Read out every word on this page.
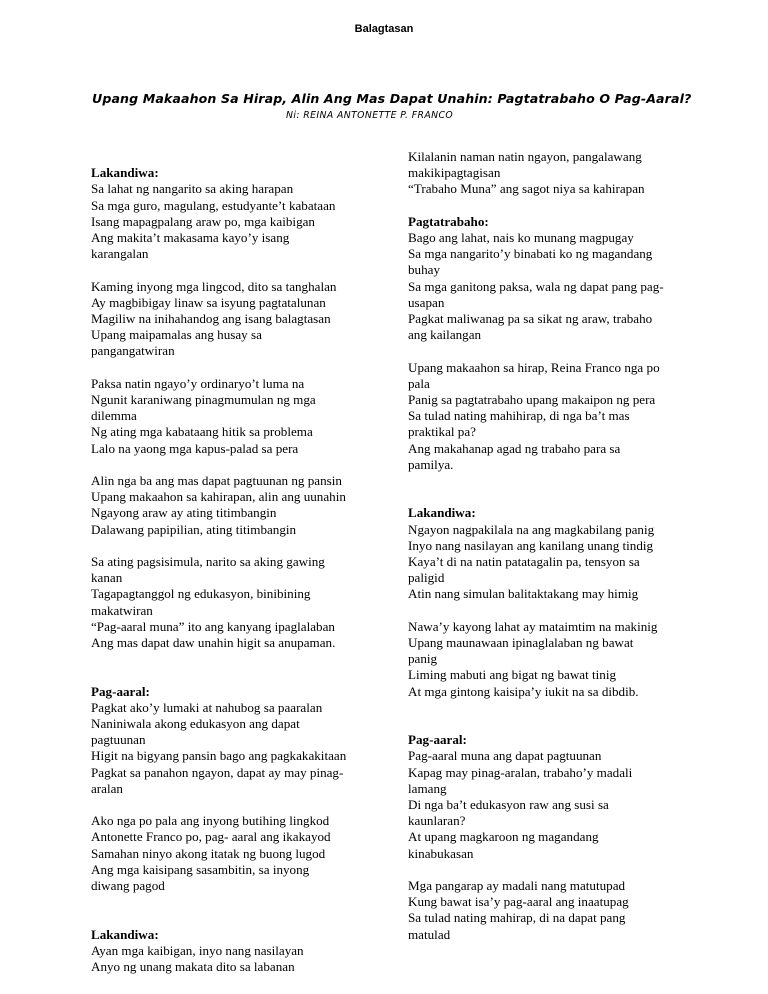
Balagtasan
Upang Makaahon Sa Hirap, Alin Ang Mas Dapat Unahin: Pagtatrabaho O Pag-Aaral?
Ni: REINA ANTONETTE P. FRANCO
Lakandiwa:
Sa lahat ng nangarito sa aking harapan
Sa mga guro, magulang, estudyante’t kabataan
Isang mapagpalang araw po, mga kaibigan
Ang makita’t makasama kayo’y isang
karangalan
Kaming inyong mga lingcod, dito sa tanghalan
Ay magbibigay linaw sa isyung pagtatalunan
Magiliw na inihahandog ang isang balagtasan
Upang maipamalas ang husay sa
pangangatwiran
Paksa natin ngayo’y ordinaryo’t luma na
Ngunit karaniwang pinagmumulan ng mga
dilemma
Ng ating mga kabataang hitik sa problema
Lalo na yaong mga kapus-palad sa pera
Alin nga ba ang mas dapat pagtuunan ng pansin
Upang makaahon sa kahirapan, alin ang uunahin
Ngayong araw ay ating titimbangin
Dalawang papipilian, ating titimbangin
Sa ating pagsisimula, narito sa aking gawing
kanan
Tagapagtanggol ng edukasyon, binibining
makatwiran
“Pag-aaral muna” ito ang kanyang ipaglalaban
Ang mas dapat daw unahin higit sa anupaman.
Pag-aaral:
Pagkat ako’y lumaki at nahubog sa paaralan
Naniniwala akong edukasyon ang dapat
pagtuunan
Higit na bigyang pansin bago ang pagkakakitaan
Pagkat sa panahon ngayon, dapat ay may pinag-
aralan
Ako nga po pala ang inyong butihing lingkod
Antonette Franco po, pag- aaral ang ikakayod
Samahan ninyo akong itatak ng buong lugod
Ang mga kaisipang sasambitin, sa inyong
diwang pagod
Lakandiwa:
Ayan mga kaibigan, inyo nang nasilayan
Anyo ng unang makata dito sa labanan
Kilalanin naman natin ngayon, pangalawang
makikipagtagisan
“Trabaho Muna” ang sagot niya sa kahirapan
Pagtatrabaho:
Bago ang lahat, nais ko munang magpugay
Sa mga nangarito’y binabati ko ng magandang
buhay
Sa mga ganitong paksa, wala ng dapat pang pag-
usapan
Pagkat maliwanag pa sa sikat ng araw, trabaho
ang kailangan
Upang makaahon sa hirap, Reina Franco nga po
pala
Panig sa pagtatrabaho upang makaipon ng pera
Sa tulad nating mahihirap, di nga ba’t mas
praktikal pa?
Ang makahanap agad ng trabaho para sa
pamilya.
Lakandiwa:
Ngayon nagpakilala na ang magkabilang panig
Inyo nang nasilayan ang kanilang unang tindig
Kaya’t di na natin patatagalin pa, tensyon sa
paligid
Atin nang simulan balitaktakang may himig
Nawa’y kayong lahat ay mataimtim na makinig
Upang maunawaan ipinaglalaban ng bawat
panig
Liming mabuti ang bigat ng bawat tinig
At mga gintong kaisipa’y iukit na sa dibdib.
Pag-aaral:
Pag-aaral muna ang dapat pagtuunan
Kapag may pinag-aralan, trabaho’y madali
lamang
Di nga ba’t edukasyon raw ang susi sa
kaunlaran?
At upang magkaroon ng magandang
kinabukasan
Mga pangarap ay madali nang matutupad
Kung bawat isa’y pag-aaral ang inaatupag
Sa tulad nating mahirap, di na dapat pang
matulad
